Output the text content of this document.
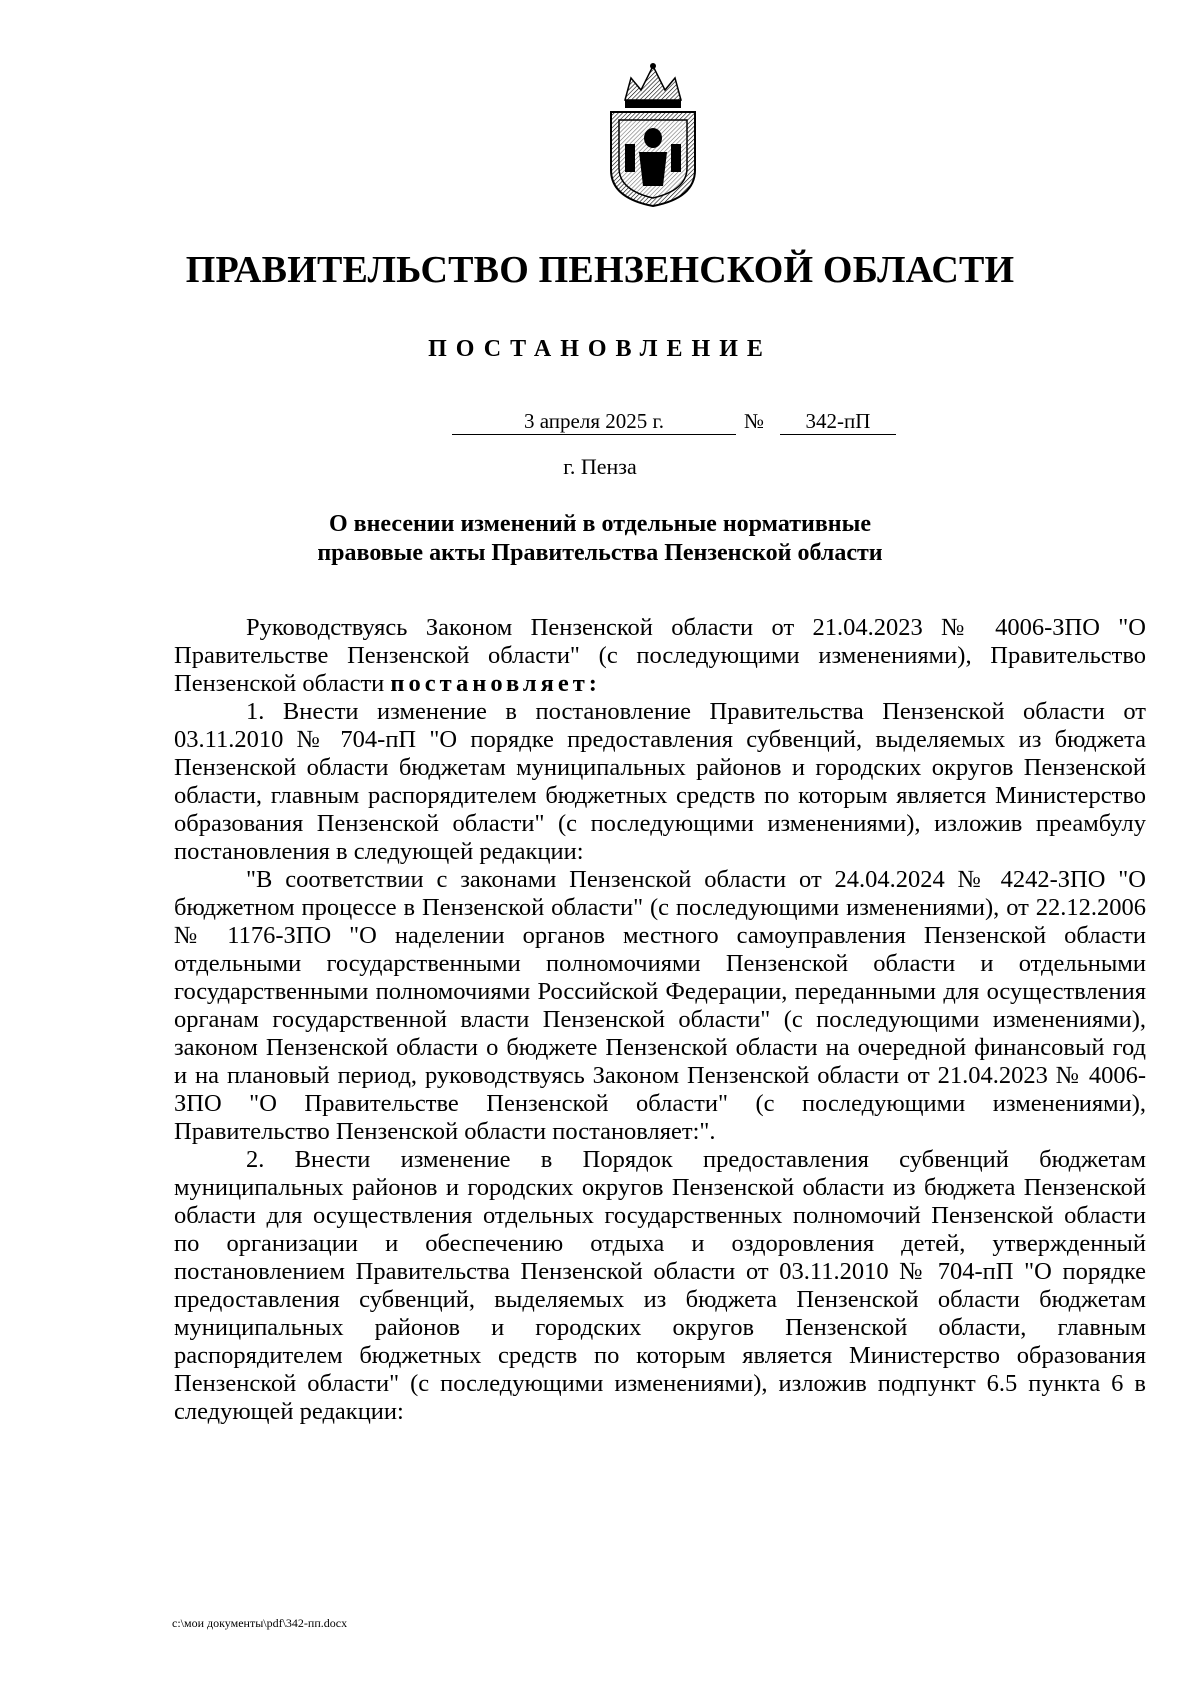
ПРАВИТЕЛЬСТВО ПЕНЗЕНСКОЙ ОБЛАСТИ
ПОСТАНОВЛЕНИЕ
3 апреля 2025 г.	№	342-пП
г. Пенза
О внесении изменений в отдельные нормативные
правовые акты Правительства Пензенской области

Руководствуясь Законом Пензенской области от 21.04.2023 № 4006-ЗПО "О Правительстве Пензенской области" (с последующими изменениями), Правительство Пензенской области постановляет:

1. Внести изменение в постановление Правительства Пензенской области от 03.11.2010 № 704-пП "О порядке предоставления субвенций, выделяемых из бюджета Пензенской области бюджетам муниципальных районов и городских округов Пензенской области, главным распорядителем бюджетных средств по которым является Министерство образования Пензенской области" (с последующими изменениями), изложив преамбулу постановления в следующей редакции:

"В соответствии с законами Пензенской области от 24.04.2024 № 4242-ЗПО "О бюджетном процессе в Пензенской области" (с последующими изменениями), от 22.12.2006 № 1176-ЗПО "О наделении органов местного самоуправления Пензенской области отдельными государственными полномочиями Пензенской области и отдельными государственными полномочиями Российской Федерации, переданными для осуществления органам государственной власти Пензенской области" (с последующими изменениями), законом Пензенской области о бюджете Пензенской области на очередной финансовый год и на плановый период, руководствуясь Законом Пензенской области от 21.04.2023 № 4006-ЗПО "О Правительстве Пензенской области" (с последующими изменениями), Правительство Пензенской области постановляет:".

2. Внести изменение в Порядок предоставления субвенций бюджетам муниципальных районов и городских округов Пензенской области из бюджета Пензенской области для осуществления отдельных государственных полномочий Пензенской области по организации и обеспечению отдыха и оздоровления детей, утвержденный постановлением Правительства Пензенской области от 03.11.2010 № 704-пП "О порядке предоставления субвенций, выделяемых из бюджета Пензенской области бюджетам муниципальных районов и городских округов Пензенской области, главным распорядителем бюджетных средств по которым является Министерство образования Пензенской области" (с последующими изменениями), изложив подпункт 6.5 пункта 6 в следующей редакции:

c:\мои документы\pdf\342-пп.docx
